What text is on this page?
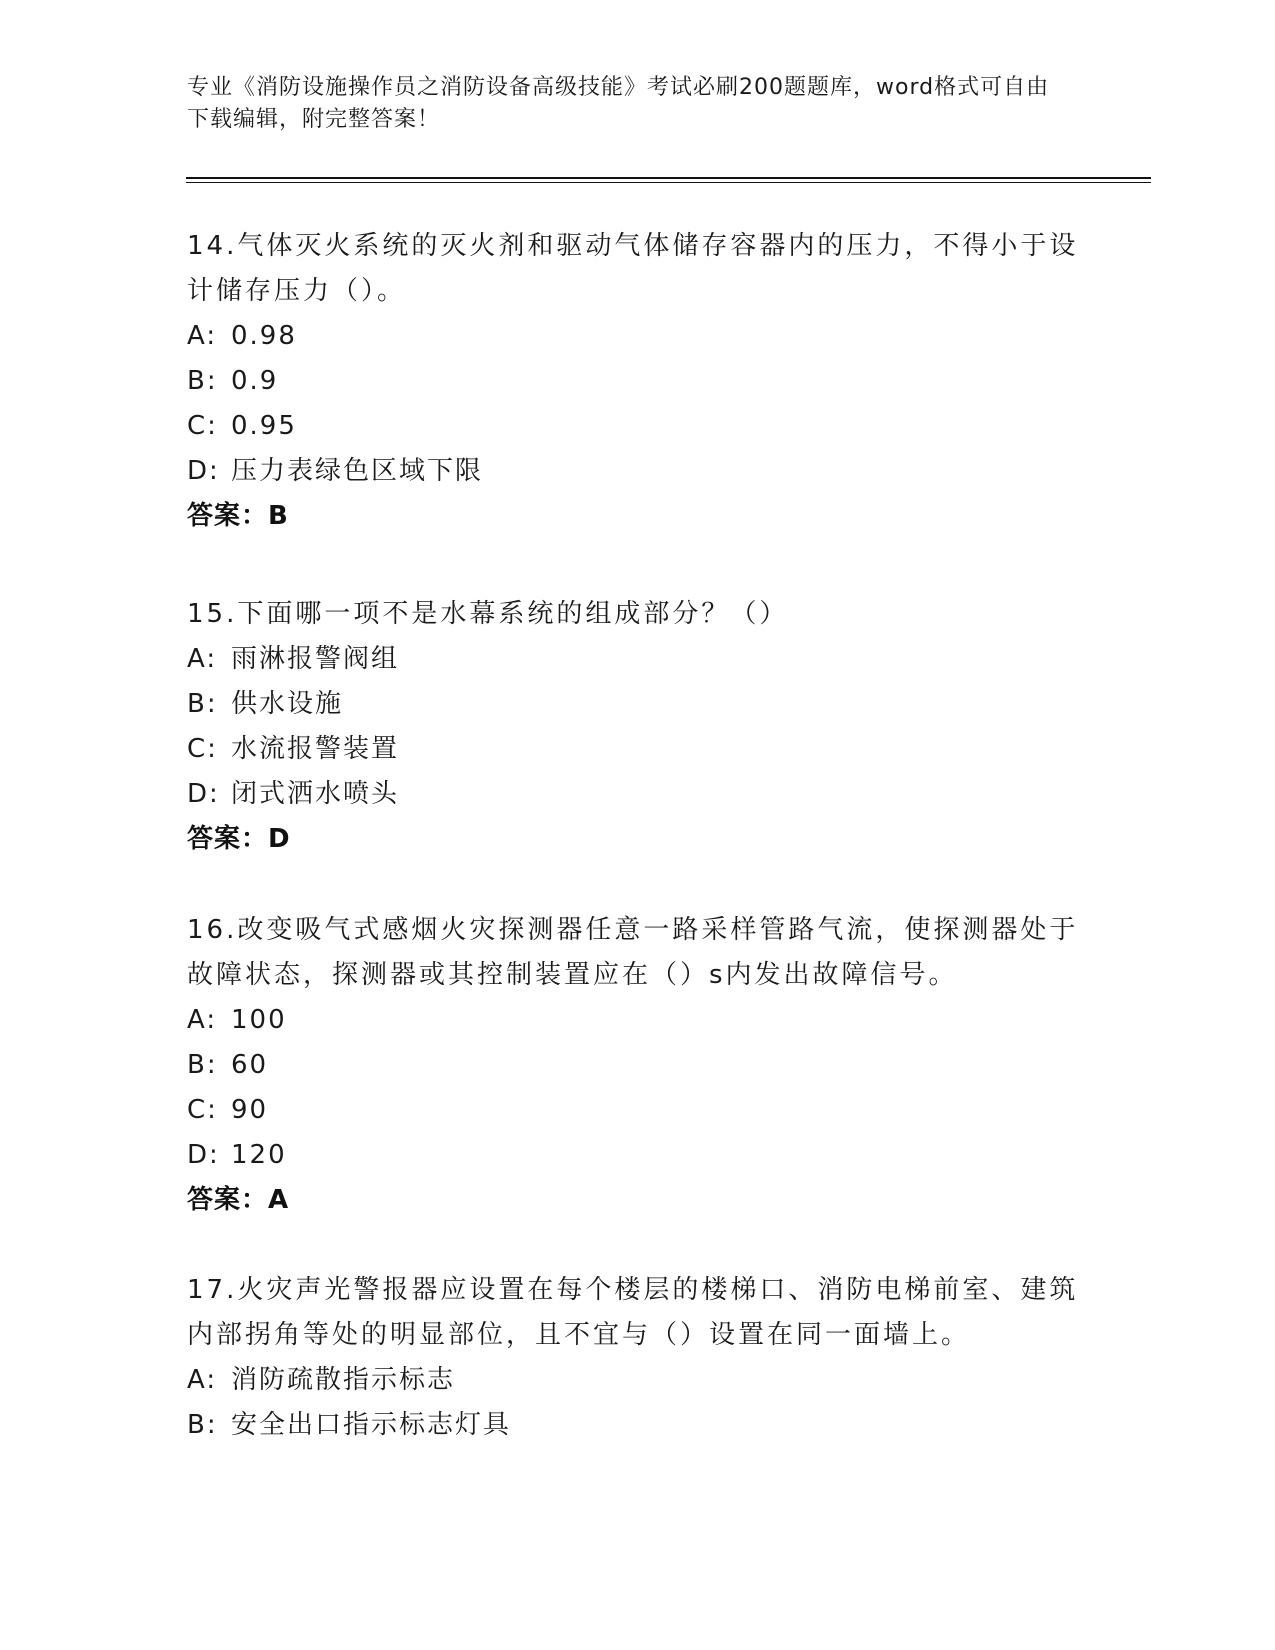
专业《消防设施操作员之消防设备高级技能》考试必刷200题题库，word格式可自由下载编辑，附完整答案！

14.气体灭火系统的灭火剂和驱动气体储存容器内的压力，不得小于设计储存压力（）。

A: 0.98

B: 0.9

C: 0.95

D: 压力表绿色区域下限

答案：B

15.下面哪一项不是水幕系统的组成部分？（）

A: 雨淋报警阀组

B: 供水设施

C: 水流报警装置

D: 闭式洒水喷头

答案：D

16.改变吸气式感烟火灾探测器任意一路采样管路气流，使探测器处于故障状态，探测器或其控制装置应在（）s内发出故障信号。

A: 100

B: 60

C: 90

D: 120

答案：A

17.火灾声光警报器应设置在每个楼层的楼梯口、消防电梯前室、建筑内部拐角等处的明显部位，且不宜与（）设置在同一面墙上。

A: 消防疏散指示标志

B: 安全出口指示标志灯具
